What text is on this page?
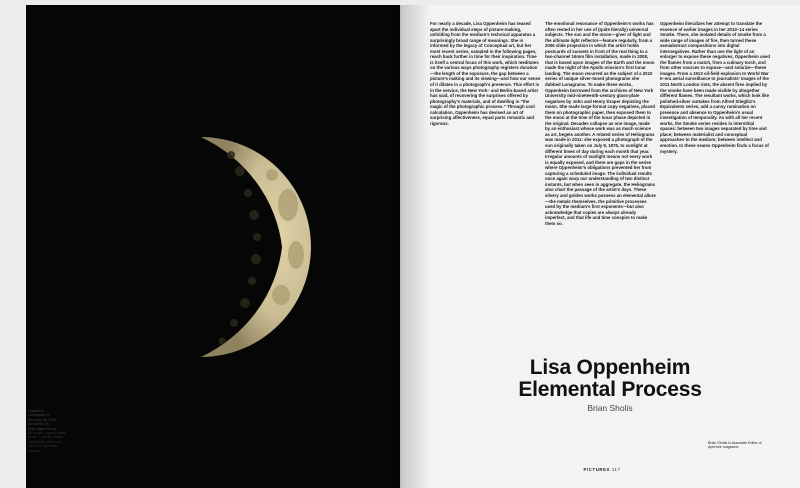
Opposite:
Lunagram #2
(Version 2), 2018
All works by
Lisa Oppenheim
All unique copper-toned
prints – unless, Harris
Lieberman, New York
and The Approach,
London
For nearly a decade, Lisa Oppenheim has teased apart the individual steps of picture-making, unfolding from the medium’s technical apparatus a surprisingly broad range of meanings. She is informed by the legacy of Conceptual art, but her most recent series, sampled in the following pages, reach back further in time for their inspiration. Time is itself a central focus of this work, which meditates on the various ways photography registers duration—the length of the exposure, the gap between a picture’s making and its viewing—and how our sense of it dilates in a photograph’s presence. This effort is in the service, the New York– and Berlin-based artist has said, of recovering the surprises offered by photography’s materials, and of dwelling in “the magic of the photographic process.” Through cool calculation, Oppenheim has devised an art of surprising affectiveness, equal parts romantic and rigorous.
The emotional resonance of Oppenheim’s works has often rested in her use of (quite literally) universal subjects. The sun and the moon—giver of light and the ultimate light reflector—feature regularly, from a 2006 slide projection in which the artist holds postcards of sunsets in front of the real thing to a two-channel 16mm film installation, made in 2008, that is based upon images of the Earth and the moon made the night of the Apollo mission’s first lunar landing. The moon recurred as the subject of a 2010 series of unique silver-toned photograms she dubbed Lunagrams. To make these works, Oppenheim borrowed from the archives of New York University mid-nineteenth-century glass-plate negatives by John and Henry Draper depicting the moon. She made large-format copy negatives, placed them on photographic paper, then exposed them to the moon at the time of the lunar phase depicted in the original. Decades collapse as one image, made by an enthusiast whose work was as much science as art, begets another. A related series of Heliograms was made in 2011: she exposed a photograph of the sun originally taken on July 8, 1876, to sunlight at different times of day during each month that year. Irregular amounts of sunlight means not every work is equally exposed, and there are gaps in the series where Oppenheim’s obligations prevented her from capturing a scheduled image. The individual results once again warp our understanding of two distinct instants, but when seen in aggregate, the Heliograms also chart the passage of the artist’s days. These silvery and golden works possess an elemental allure—the metals themselves, the primitive processes used by the medium’s first exponents—but also acknowledge that copies are always already imperfect, and that life and time conspire to make them so.
Oppenheim literalizes her attempt to translate the essence of earlier images in her 2013–14 series Smoke. There, she isolated details of smoke from a wide range of images of fire, then turned these semiabstract compositions into digital internegatives. Rather than use the light of an enlarger to expose these negatives, Oppenheim used the flames from a match, from a culinary torch, and from other sources to expose—and solarize—these images. From a 1913 oil-field explosion to World War II–era aerial surveillance to journalists’ images of the 2011 North London riots, the absent fires implied by the smoke have been made visible by altogether different flames. The resultant works, which look like polished-silver outtakes from Alfred Stieglitz’s Equivalents series, add a canny rumination on presence and absence to Oppenheim’s usual investigation of temporality. As with all her recent works, the Smoke series resides in interstitial spaces: between two images separated by time and place; between materialist and conceptual approaches to the medium; between intellect and emotion. In these seams Oppenheim finds a focus of mystery.
Lisa Oppenheim
Elemental Process
Brian Sholis
Brian Sholis is Associate Editor of Aperture magazine.
PICTURES 117
